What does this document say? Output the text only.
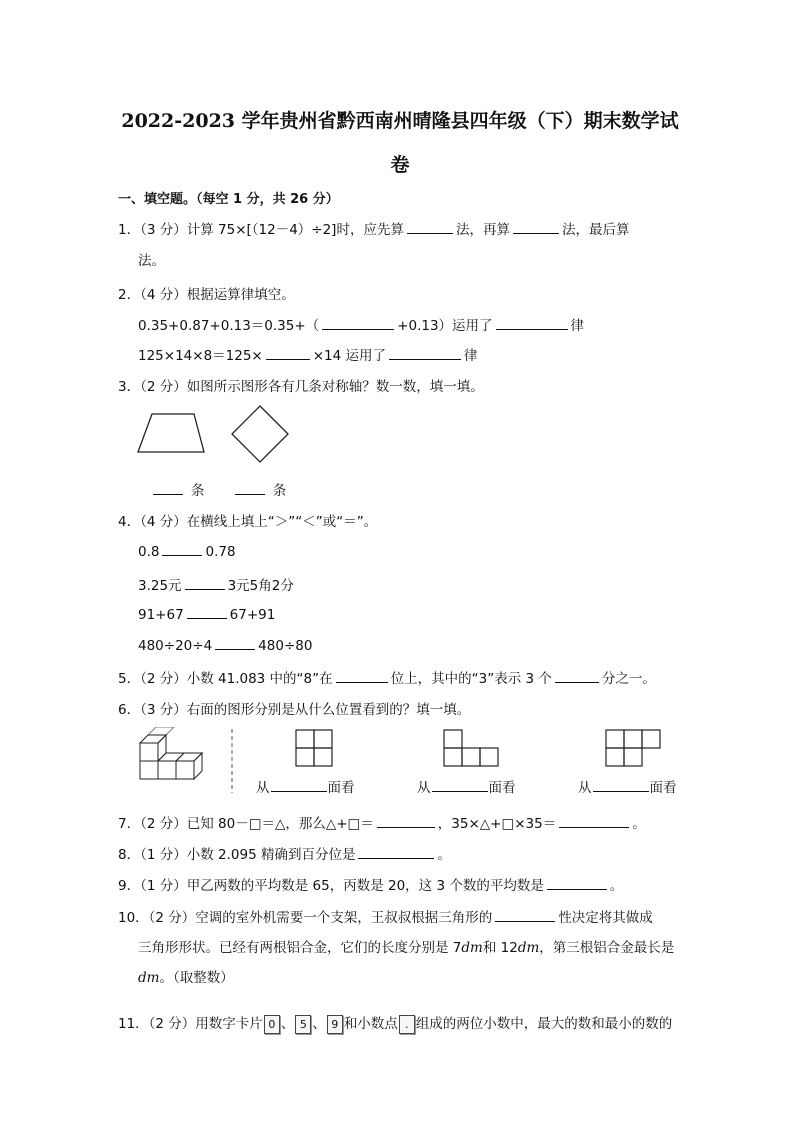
2022-2023 学年贵州省黔西南州晴隆县四年级（下）期末数学试
卷
一、填空题。（每空 1 分，共 26 分）
1．（3 分）计算 75×[（12－4）÷2]时，应先算	法，再算	法，最后算
法。
2．（4 分）根据运算律填空。
0.35+0.87+0.13＝0.35+（	+0.13）运用了	律
125×14×8＝125×	×14 运用了	律
3．（2 分）如图所示图形各有几条对称轴？数一数，填一填。
条	条
4．（4 分）在横线上填上“＞”“＜”或“＝”。
0.8	0.78
3.25元	3元5角2分
91+67	67+91
480÷20÷4	480÷80
5．（2 分）小数 41.083 中的“8”在	位上，其中的“3”表示 3 个	分之一。
6．（3 分）右面的图形分别是从什么位置看到的？填一填。
从	面看	从	面看	从	面看
7．（2 分）已知 80－□＝△，那么△+□＝	，35×△+□×35＝	。
8．（1 分）小数 2.095 精确到百分位是	。
9．（1 分）甲乙两数的平均数是 65，丙数是 20，这 3 个数的平均数是	。
10．（2 分）空调的室外机需要一个支架，王叔叔根据三角形的	性决定将其做成
三角形形状。已经有两根铝合金，它们的长度分别是 7dm和 12dm，第三根铝合金最长是
dm。（取整数）
11．（2 分）用数字卡片 0 、 5 、 9 和小数点 . 组成的两位小数中，最大的数和最小的数的
